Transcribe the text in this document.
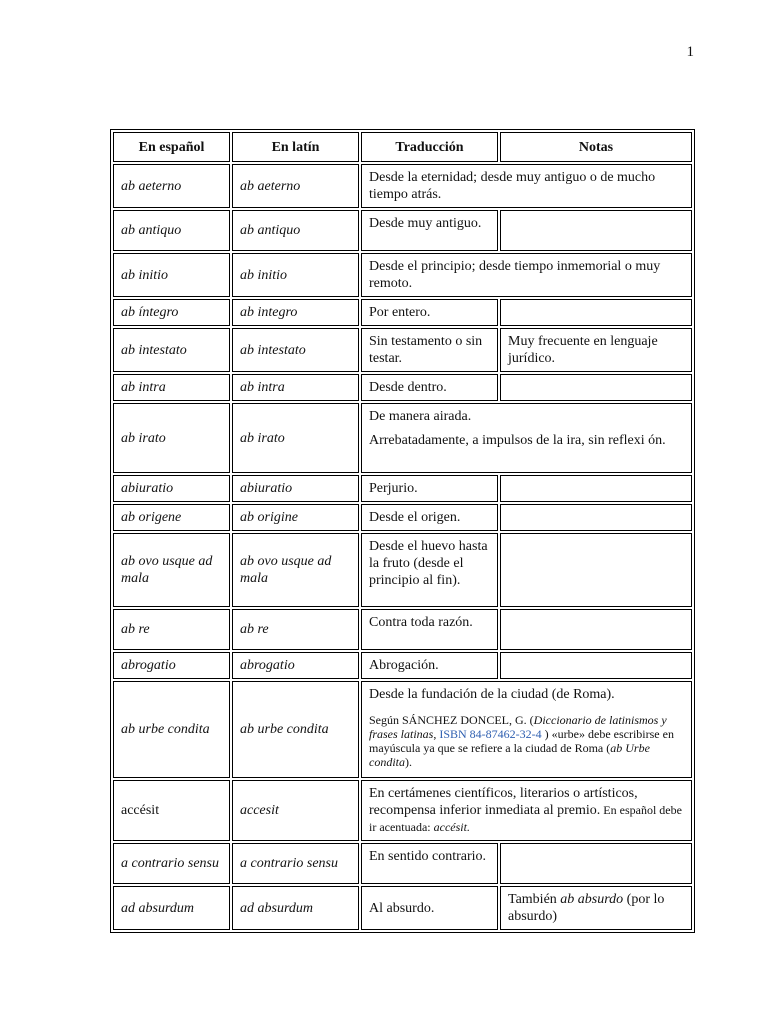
1
En español	En latín	Traducción	Notas
ab aeterno	ab aeterno	Desde la eternidad; desde muy antiguo o de mucho tiempo atrás.	
ab antiquo	ab antiquo	Desde muy antiguo.	
ab initio	ab initio	Desde el principio; desde tiempo inmemorial o muy remoto.	
ab íntegro	ab integro	Por entero.	
ab intestato	ab intestato	Sin testamento o sin testar.	Muy frecuente en lenguaje jurídico.
ab intra	ab intra	Desde dentro.	
ab irato	ab irato	De manera airada.
Arrebatadamente, a impulsos de la ira, sin reflexi ón.	

abiuratio	abiuratio	Perjurio.	
ab origene	ab origine	Desde el origen.	
ab ovo usque ad mala	ab ovo usque ad mala	Desde el huevo hasta la fruto (desde el principio al fin).	
ab re	ab re	Contra toda razón.	
abrogatio	abrogatio	Abrogación.	
ab urbe condita	ab urbe condita	Desde la fundación de la ciudad (de Roma).
Según SÁNCHEZ DONCEL, G. (Diccionario de latinismos y frases latinas, ISBN 84-87462-32-4 ) «urbe» debe escribirse en mayúscula ya que se refiere a la ciudad de Roma (ab Urbe condita).	

accésit	accesit	En certámenes científicos, literarios o artísticos, recompensa inferior inmediata al premio. En español debe ir acentuada: accésit.	
a contrario sensu	a contrario sensu	En sentido contrario.	
ad absurdum	ad absurdum	Al absurdo.	También ab absurdo (por lo absurdo)
